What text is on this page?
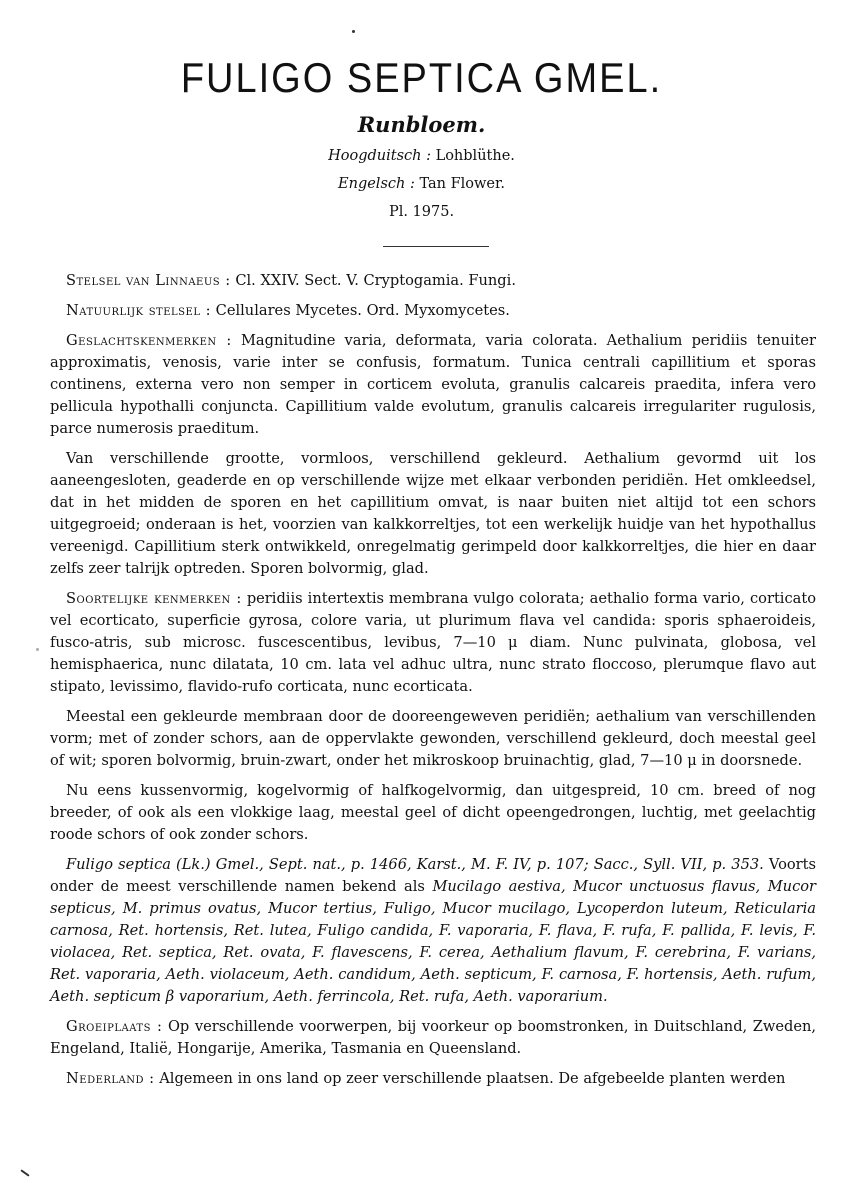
FULIGO SEPTICA GMEL.
Runbloem.
Hoogduitsch : Lohblüthe.
Engelsch : Tan Flower.
Pl. 1975.

Stelsel van Linnaeus : Cl. XXIV. Sect. V. Cryptogamia. Fungi.

Natuurlijk stelsel : Cellulares Mycetes. Ord. Myxomycetes.

Geslachtskenmerken : Magnitudine varia, deformata, varia colorata. Aethalium peridiis tenuiter approximatis, venosis, varie inter se confusis, formatum. Tunica centrali capillitium et sporas continens, externa vero non semper in corticem evoluta, granulis calcareis praedita, infera vero pellicula hypothalli conjuncta. Capillitium valde evolutum, granulis calcareis irregulariter rugulosis, parce numerosis praeditum.

Van verschillende grootte, vormloos, verschillend gekleurd. Aethalium gevormd uit los aaneengesloten, geaderde en op verschillende wijze met elkaar verbonden peridiën. Het omkleedsel, dat in het midden de sporen en het capillitium omvat, is naar buiten niet altijd tot een schors uitgegroeid; onderaan is het, voorzien van kalkkorreltjes, tot een werkelijk huidje van het hypothallus vereenigd. Capillitium sterk ontwikkeld, onregelmatig gerimpeld door kalkkorreltjes, die hier en daar zelfs zeer talrijk optreden. Sporen bolvormig, glad.

Soortelijke kenmerken : peridiis intertextis membrana vulgo colorata; aethalio forma vario, corticato vel ecorticato, superficie gyrosa, colore varia, ut plurimum flava vel candida: sporis sphaeroideis, fusco-atris, sub microsc. fuscescentibus, levibus, 7—10 μ diam. Nunc pulvinata, globosa, vel hemisphaerica, nunc dilatata, 10 cm. lata vel adhuc ultra, nunc strato floccoso, plerumque flavo aut stipato, levissimo, flavido-rufo corticata, nunc ecorticata.

Meestal een gekleurde membraan door de dooreengeweven peridiën; aethalium van verschillenden vorm; met of zonder schors, aan de oppervlakte gewonden, verschillend gekleurd, doch meestal geel of wit; sporen bolvormig, bruin-zwart, onder het mikroskoop bruinachtig, glad, 7—10 μ in doorsnede.

Nu eens kussenvormig, kogelvormig of halfkogelvormig, dan uitgespreid, 10 cm. breed of nog breeder, of ook als een vlokkige laag, meestal geel of dicht opeengedrongen, luchtig, met geelachtig roode schors of ook zonder schors.

Fuligo septica (Lk.) Gmel., Sept. nat., p. 1466, Karst., M. F. IV, p. 107; Sacc., Syll. VII, p. 353. Voorts onder de meest verschillende namen bekend als Mucilago aestiva, Mucor unctuosus flavus, Mucor septicus, M. primus ovatus, Mucor tertius, Fuligo, Mucor mucilago, Lycoperdon luteum, Reticularia carnosa, Ret. hortensis, Ret. lutea, Fuligo candida, F. vaporaria, F. flava, F. rufa, F. pallida, F. levis, F. violacea, Ret. septica, Ret. ovata, F. flavescens, F. cerea, Aethalium flavum, F. cerebrina, F. varians, Ret. vaporaria, Aeth. violaceum, Aeth. candidum, Aeth. septicum, F. carnosa, F. hortensis, Aeth. rufum, Aeth. septicum β vaporarium, Aeth. ferrincola, Ret. rufa, Aeth. vaporarium.

Groeiplaats : Op verschillende voorwerpen, bij voorkeur op boomstronken, in Duitschland, Zweden, Engeland, Italië, Hongarije, Amerika, Tasmania en Queensland.

Nederland : Algemeen in ons land op zeer verschillende plaatsen. De afgebeelde planten werden
